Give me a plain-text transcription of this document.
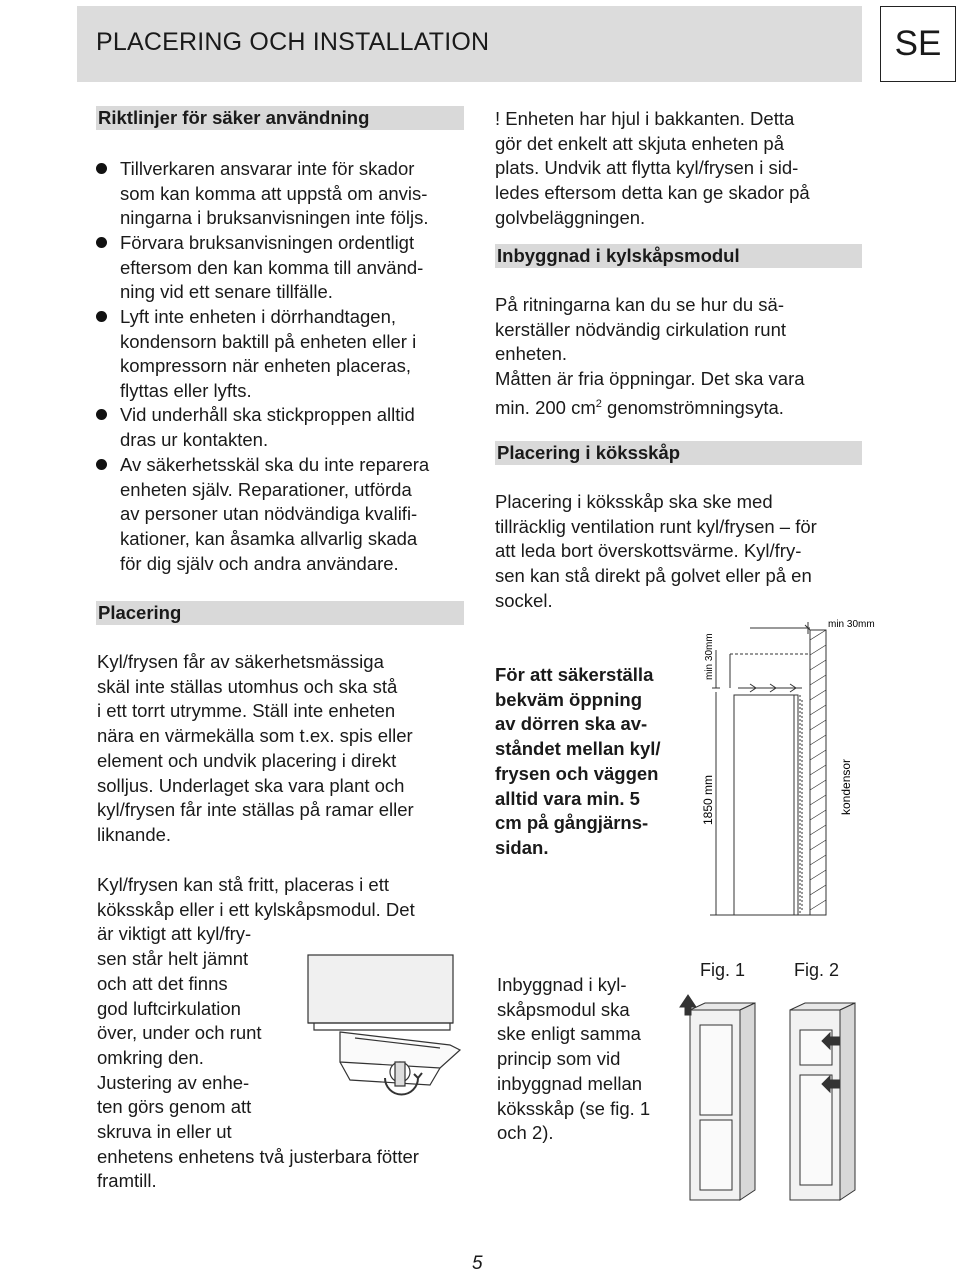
PLACERING OCH INSTALLATION	SE
Riktlinjer för säker användning
Tillverkaren ansvarar inte för skador
som kan komma att uppstå om anvis-
ningarna i bruksanvisningen inte följs.
Förvara bruksanvisningen ordentligt
eftersom den kan komma till använd-
ning vid ett senare tillfälle.
Lyft inte enheten i dörrhandtagen,
kondensorn baktill på enheten eller i
kompressorn när enheten placeras,
flyttas eller lyfts.
Vid underhåll ska stickproppen alltid
dras ur kontakten.
Av säkerhetsskäl ska du inte reparera
enheten själv. Reparationer, utförda
av personer utan nödvändiga kvalifi-
kationer, kan åsamka allvarlig skada
för dig själv och andra användare.
Placering
Kyl/frysen får av säkerhetsmässiga
skäl inte ställas utomhus och ska stå
i ett torrt utrymme. Ställ inte enheten
nära en värmekälla som t.ex. spis eller
element och undvik placering i direkt
solljus. Underlaget ska vara plant och
kyl/frysen får inte ställas på ramar eller
liknande.
Kyl/frysen kan stå fritt, placeras i ett
köksskåp eller i ett kylskåpsmodul. Det
är viktigt att kyl/fry-
sen står helt jämnt
och att det finns
god luftcirkulation
över, under och runt
omkring den.
Justering av enhe-
ten görs genom att
skruva in eller ut
enhetens enhetens två justerbara fötter
framtill.
! Enheten har hjul i bakkanten. Detta
gör det enkelt att skjuta enheten på
plats. Undvik att flytta kyl/frysen i sid-
ledes eftersom detta kan ge skador på
golvbeläggningen.
Inbyggnad i kylskåpsmodul
På ritningarna kan du se hur du sä-
kerställer nödvändig cirkulation runt
enheten.
Måtten är fria öppningar. Det ska vara
min. 200 $cm^2$ genomströmningsyta.
Placering i köksskåp
Placering i köksskåp ska ske med
tillräcklig ventilation runt kyl/frysen – för
att leda bort överskottsvärme. Kyl/fry-
sen kan stå direkt på golvet eller på en
sockel.
För att säkerställa
bekväm öppning
av dörren ska av-
ståndet mellan kyl/
frysen och väggen
alltid vara min. 5
cm på gångjärns-
sidan.
min 30mm
min 30mm
1850 mm	kondensor
Inbyggnad i kyl-
skåpsmodul ska
ske enligt samma
princip som vid
inbyggnad mellan
köksskåp (se fig. 1
och 2).
Fig. 1	Fig. 2
5
